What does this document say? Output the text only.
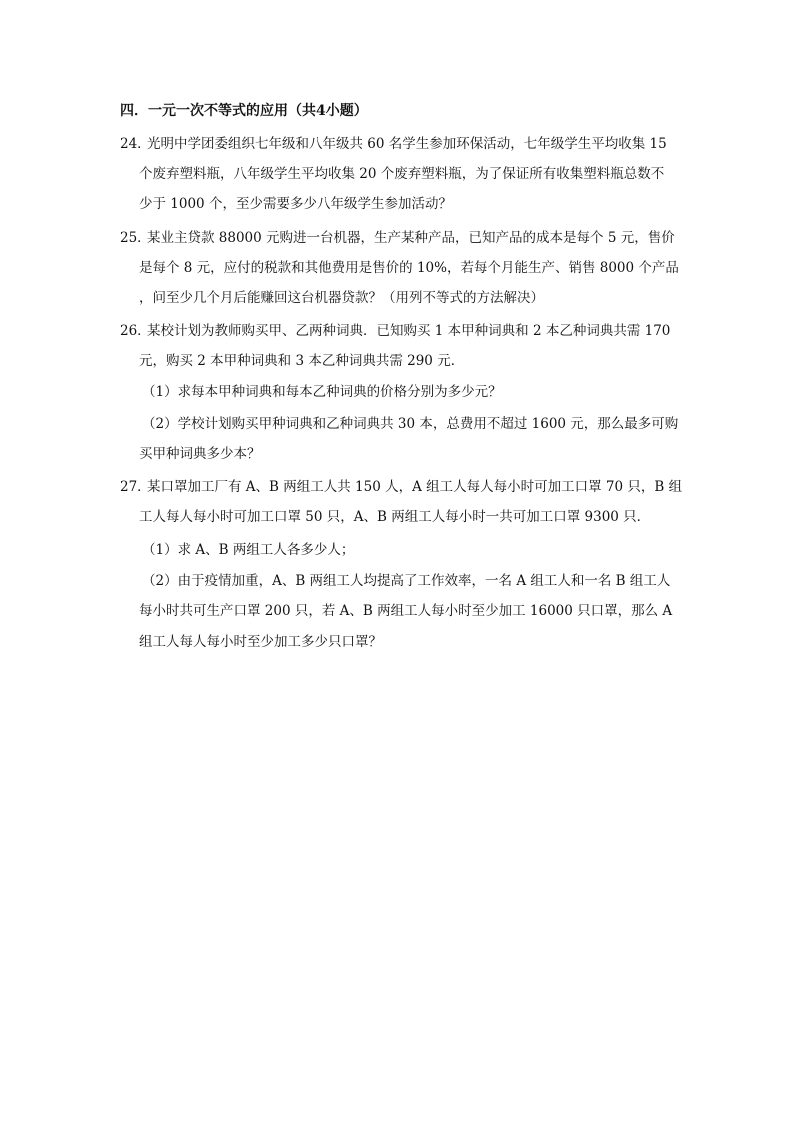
四．一元一次不等式的应用（共4小题）
24．
光明中学团委组织七年级和八年级共 60 名学生参加环保活动，七年级学生平均收集 15
个废弃塑料瓶，八年级学生平均收集 20 个废弃塑料瓶，为了保证所有收集塑料瓶总数不
少于 1000 个，至少需要多少八年级学生参加活动？
25．
某业主贷款 88000 元购进一台机器，生产某种产品，已知产品的成本是每个 5 元，售价
是每个 8 元，应付的税款和其他费用是售价的 10%，若每个月能生产、销售 8000 个产品
，问至少几个月后能赚回这台机器贷款？（用列不等式的方法解决）
26．
某校计划为教师购买甲、乙两种词典．已知购买 1 本甲种词典和 2 本乙种词典共需 170
元，购买 2 本甲种词典和 3 本乙种词典共需 290 元．
（1）求每本甲种词典和每本乙种词典的价格分别为多少元？
（2）学校计划购买甲种词典和乙种词典共 30 本，总费用不超过 1600 元，那么最多可购
买甲种词典多少本？
27．
某口罩加工厂有 A、B 两组工人共 150 人，A 组工人每人每小时可加工口罩 70 只，B 组
工人每人每小时可加工口罩 50 只，A、B 两组工人每小时一共可加工口罩 9300 只．
（1）求 A、B 两组工人各多少人；
（2）由于疫情加重，A、B 两组工人均提高了工作效率，一名 A 组工人和一名 B 组工人
每小时共可生产口罩 200 只，若 A、B 两组工人每小时至少加工 16000 只口罩，那么 A
组工人每人每小时至少加工多少只口罩？
